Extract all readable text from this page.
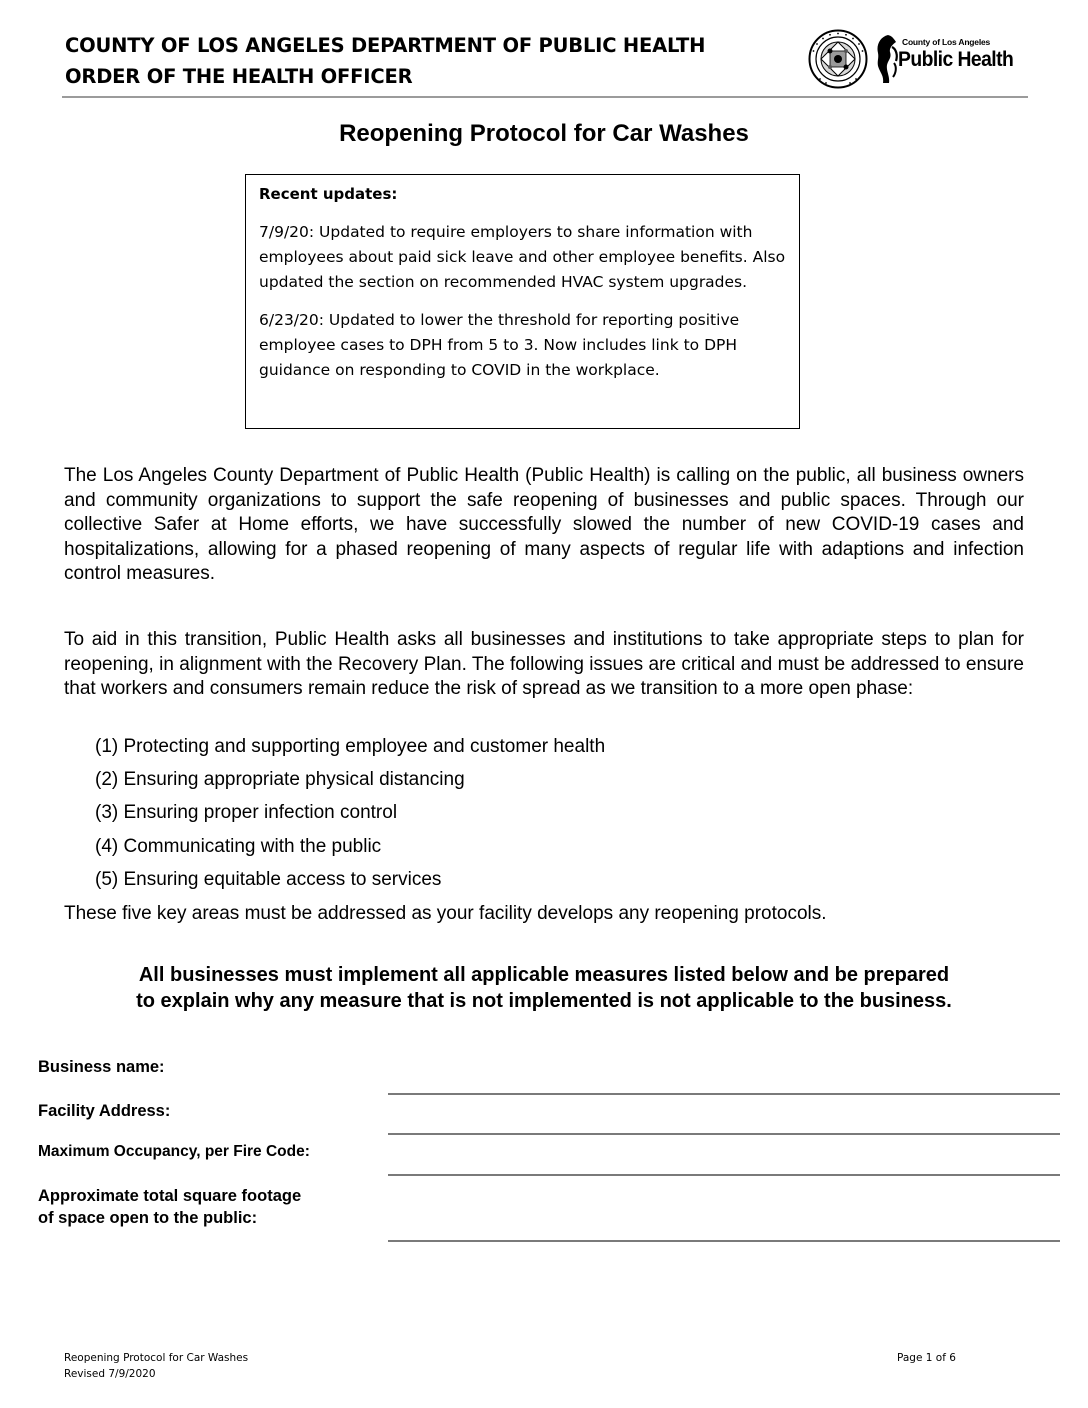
COUNTY OF LOS ANGELES DEPARTMENT OF PUBLIC HEALTH
ORDER OF THE HEALTH OFFICER
County of Los Angeles
Public Health
Reopening Protocol for Car Washes
Recent updates:
7/9/20: Updated to require employers to share information with employees about paid sick leave and other employee benefits. Also updated the section on recommended HVAC system upgrades.
6/23/20: Updated to lower the threshold for reporting positive employee cases to DPH from 5 to 3. Now includes link to DPH guidance on responding to COVID in the workplace.
The Los Angeles County Department of Public Health (Public Health) is calling on the public, all business owners and community organizations to support the safe reopening of businesses and public spaces. Through our collective Safer at Home efforts, we have successfully slowed the number of new COVID-19 cases and hospitalizations, allowing for a phased reopening of many aspects of regular life with adaptions and infection control measures.
To aid in this transition, Public Health asks all businesses and institutions to take appropriate steps to plan for reopening, in alignment with the Recovery Plan. The following issues are critical and must be addressed to ensure that workers and consumers remain reduce the risk of spread as we transition to a more open phase:
(1) Protecting and supporting employee and customer health
(2) Ensuring appropriate physical distancing
(3) Ensuring proper infection control
(4) Communicating with the public
(5) Ensuring equitable access to services
These five key areas must be addressed as your facility develops any reopening protocols.
All businesses must implement all applicable measures listed below and be prepared
to explain why any measure that is not implemented is not applicable to the business.
Business name:
Facility Address:
Maximum Occupancy, per Fire Code:
Approximate total square footage
of space open to the public:
Reopening Protocol for Car Washes
Revised 7/9/2020
Page 1 of 6
